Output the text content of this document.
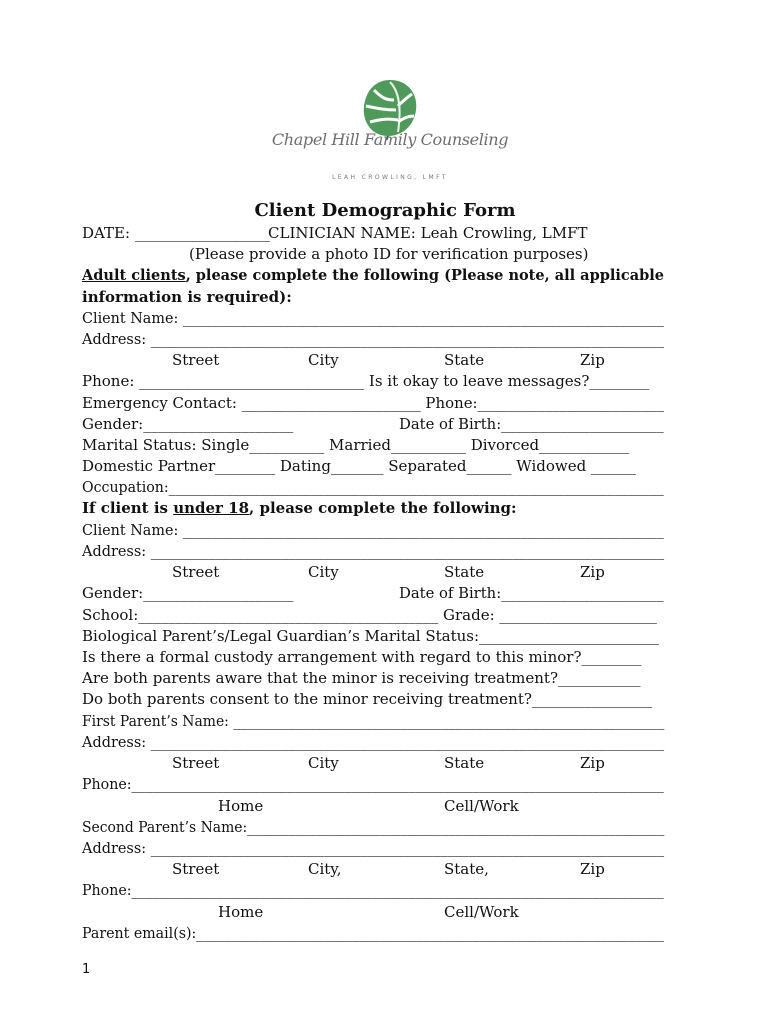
Chapel Hill Family Counseling
LEAH CROWLING, LMFT
Client Demographic Form
DATE: __________________
CLINICIAN NAME: Leah Crowling, LMFT
(Please provide a photo ID for verification purposes)
Adult clients, please complete the following (Please note, all applicable
information is required):
Client Name: ___________________________________________________________________
Address: _______________________________________________________________________
Street	City	State	Zip
Phone: ______________________________ Is it okay to leave messages?________
Emergency Contact: ________________________ Phone:_________________________
Gender:____________________	Date of Birth:______________________
Marital Status: Single__________ Married__________ Divorced____________
Domestic Partner________ Dating_______ Separated______ Widowed ______
Occupation:______________________________________________________________________
If client is under 18, please complete the following:
Client Name: ___________________________________________________________________
Address: _______________________________________________________________________
Street	City	State	Zip
Gender:____________________	Date of Birth:______________________
School:________________________________________ Grade: _____________________
Biological Parent’s/Legal Guardian’s Marital Status:________________________
Is there a formal custody arrangement with regard to this minor?________
Are both parents aware that the minor is receiving treatment?___________
Do both parents consent to the minor receiving treatment?________________
First Parent’s Name: ______________________________________________________________
Address: _______________________________________________________________________
Street	City	State	Zip
Phone:___________________________________________________________________________
Home	Cell/Work
Second Parent’s Name:____________________________________________________________
Address: _______________________________________________________________________
Street	City,	State,	Zip
Phone:___________________________________________________________________________
Home	Cell/Work
Parent email(s):__________________________________________________________________
1
